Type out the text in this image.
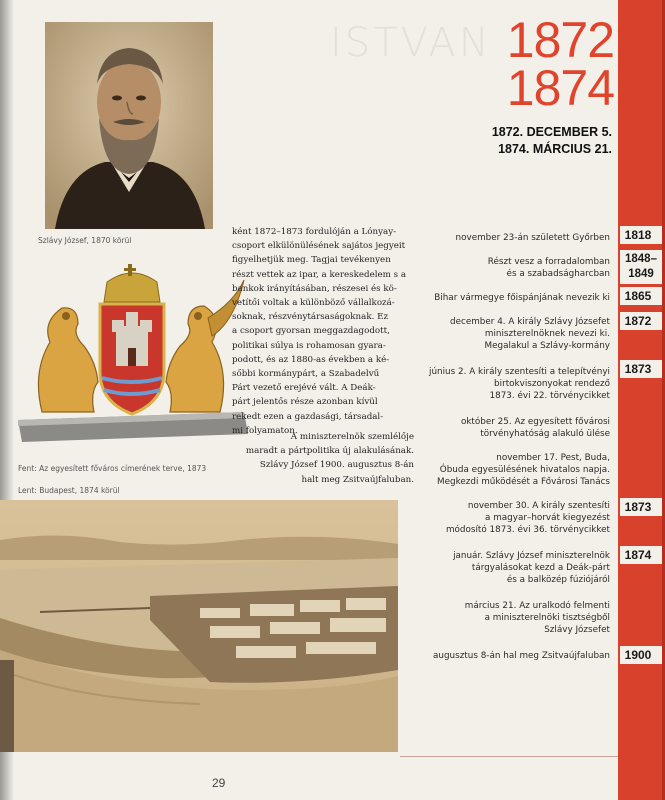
ISTVAN 1872
1874
1872. DECEMBER 5.
1874. MÁRCIUS 21.
Szlávy József, 1870 körül
Fent: Az egyesített főváros címerének terve, 1873
Lent: Budapest, 1874 körül
ként 1872–1873 fordulóján a Lónyay-
csoport elkülönülésének sajátos jegyeit
figyelhetjük meg. Tagjai tevékenyen
részt vettek az ipar, a kereskedelem s a
bankok irányításában, részesei és kö-
vetítői voltak a különböző vállalkozá-
soknak, részvénytársaságoknak. Ez
a csoport gyorsan meggazdagodott,
politikai súlya is rohamosan gyara-
podott, és az 1880-as években a ké-
sőbbi kormánypárt, a Szabadelvű
Párt vezető erejévé vált. A Deák-
párt jelentős része azonban kívül
rekedt ezen a gazdasági, társadal-
mi folyamaton.
A miniszterelnök szemlélője
maradt a pártpolitika új alakulásának.
Szlávy József 1900. augusztus 8-án
halt meg Zsitvaújfaluban.
29
november 23-án született Győrben
Részt vesz a forradalomban
és a szabadságharcban
Bihar vármegye főispánjának nevezik ki
december 4. A király Szlávy Józsefet
miniszterelnöknek nevezi ki.
Megalakul a Szlávy-kormány
június 2. A király szentesíti a telepítvényi
birtokviszonyokat rendező
1873. évi 22. törvénycikket
október 25. Az egyesített fővárosi
törvényhatóság alakuló ülése
november 17. Pest, Buda,
Óbuda egyesülésének hivatalos napja.
Megkezdi működését a Fővárosi Tanács
november 30. A király szentesíti
a magyar–horvát kiegyezést
módosító 1873. évi 36. törvénycikket
január. Szlávy József miniszterelnök
tárgyalásokat kezd a Deák-párt
és a balközép fúziójáról
március 21. Az uralkodó felmenti
a miniszterelnöki tisztségből
Szlávy Józsefet
augusztus 8-án hal meg Zsitvaújfaluban
1818
1848–1849
1865
1872
1873
1873
1874
1900
